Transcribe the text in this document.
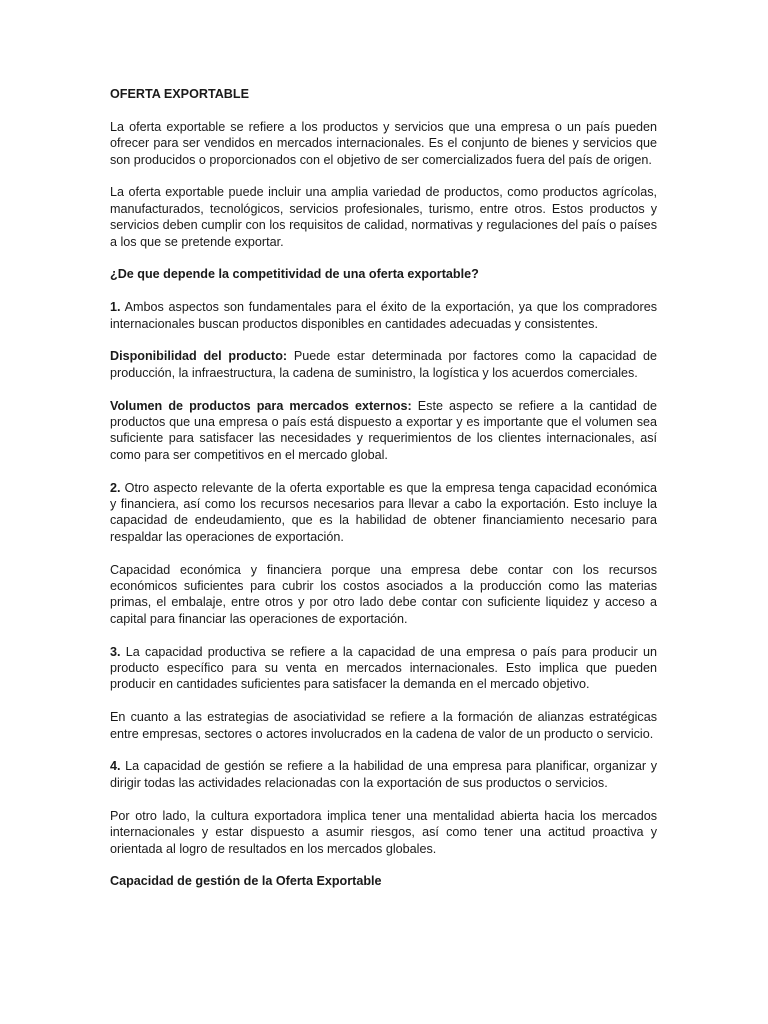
OFERTA EXPORTABLE

La oferta exportable se refiere a los productos y servicios que una empresa o un país pueden ofrecer para ser vendidos en mercados internacionales. Es el conjunto de bienes y servicios que son producidos o proporcionados con el objetivo de ser comercializados fuera del país de origen.

La oferta exportable puede incluir una amplia variedad de productos, como productos agrícolas, manufacturados, tecnológicos, servicios profesionales, turismo, entre otros. Estos productos y servicios deben cumplir con los requisitos de calidad, normativas y regulaciones del país o países a los que se pretende exportar.

¿De que depende la competitividad de una oferta exportable?

1. Ambos aspectos son fundamentales para el éxito de la exportación, ya que los compradores internacionales buscan productos disponibles en cantidades adecuadas y consistentes.

Disponibilidad del producto: Puede estar determinada por factores como la capacidad de producción, la infraestructura, la cadena de suministro, la logística y los acuerdos comerciales.

Volumen de productos para mercados externos: Este aspecto se refiere a la cantidad de productos que una empresa o país está dispuesto a exportar y es importante que el volumen sea suficiente para satisfacer las necesidades y requerimientos de los clientes internacionales, así como para ser competitivos en el mercado global.

2. Otro aspecto relevante de la oferta exportable es que la empresa tenga capacidad económica y financiera, así como los recursos necesarios para llevar a cabo la exportación. Esto incluye la capacidad de endeudamiento, que es la habilidad de obtener financiamiento necesario para respaldar las operaciones de exportación.

Capacidad económica y financiera porque una empresa debe contar con los recursos económicos suficientes para cubrir los costos asociados a la producción como las materias primas, el embalaje, entre otros y por otro lado debe contar con suficiente liquidez y acceso a capital para financiar las operaciones de exportación.

3. La capacidad productiva se refiere a la capacidad de una empresa o país para producir un producto específico para su venta en mercados internacionales. Esto implica que pueden producir en cantidades suficientes para satisfacer la demanda en el mercado objetivo.

En cuanto a las estrategias de asociatividad se refiere a la formación de alianzas estratégicas entre empresas, sectores o actores involucrados en la cadena de valor de un producto o servicio.

4. La capacidad de gestión se refiere a la habilidad de una empresa para planificar, organizar y dirigir todas las actividades relacionadas con la exportación de sus productos o servicios.

Por otro lado, la cultura exportadora implica tener una mentalidad abierta hacia los mercados internacionales y estar dispuesto a asumir riesgos, así como tener una actitud proactiva y orientada al logro de resultados en los mercados globales.

Capacidad de gestión de la Oferta Exportable
